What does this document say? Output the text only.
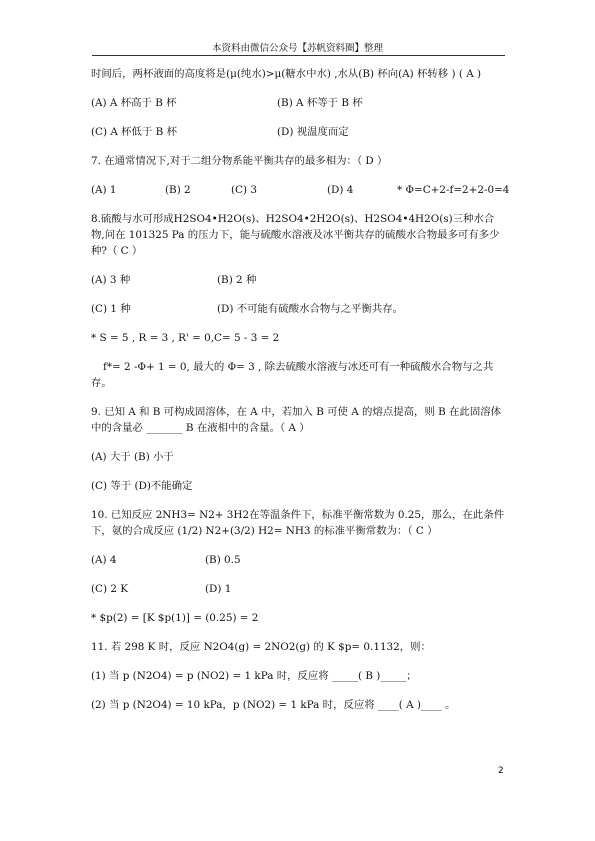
本资料由微信公众号【苏帆资料圈】整理

时间后，两杯液面的高度将是(μ(纯水)>μ(糖水中水) ,水从(B) 杯向(A) 杯转移 ) ( A )

(A) A 杯高于 B 杯	(B) A 杯等于 B 杯
(C) A 杯低于 B 杯	(D) 视温度而定

7. 在通常情况下,对于二组分物系能平衡共存的最多相为：（ D ）

(A) 1	(B) 2	(C) 3	(D) 4	* Φ=C+2-f=2+2-0=4

8.硫酸与水可形成H2SO4•H2O(s)、H2SO4•2H2O(s)、H2SO4•4H2O(s)三种水合物,问在 101325 Pa 的压力下，能与硫酸水溶液及冰平衡共存的硫酸水合物最多可有多少种?（ C ）

(A) 3 种	(B) 2 种
(C) 1 种	(D) 不可能有硫酸水合物与之平衡共存。

* S = 5 , R = 3 , R' = 0,C= 5 - 3 = 2

f*= 2 -Φ+ 1 = 0, 最大的 Φ= 3 , 除去硫酸水溶液与冰还可有一种硫酸水合物与之共存。

9. 已知 A 和 B 可构成固溶体，在 A 中，若加入 B 可使 A 的熔点提高，则 B 在此固溶体中的含量必 _______ B 在液相中的含量。（ A ）

(A) 大于 (B) 小于

(C) 等于 (D)不能确定

10. 已知反应 2NH3= N2+ 3H2在等温条件下，标准平衡常数为 0.25，那么，在此条件下，氨的合成反应 (1/2) N2+(3/2) H2= NH3 的标准平衡常数为：（ C ）

(A) 4	(B) 0.5
(C) 2 K	(D) 1

* $p(2) = [K $p(1)] = (0.25) = 2

11. 若 298 K 时，反应 N2O4(g) = 2NO2(g) 的 K $p= 0.1132，则：

(1) 当 p (N2O4) = p (NO2) = 1 kPa 时，反应将 _____( B )_____；

(2) 当 p (N2O4) = 10 kPa，p (NO2) = 1 kPa 时，反应将 ____( A )____ 。

2
